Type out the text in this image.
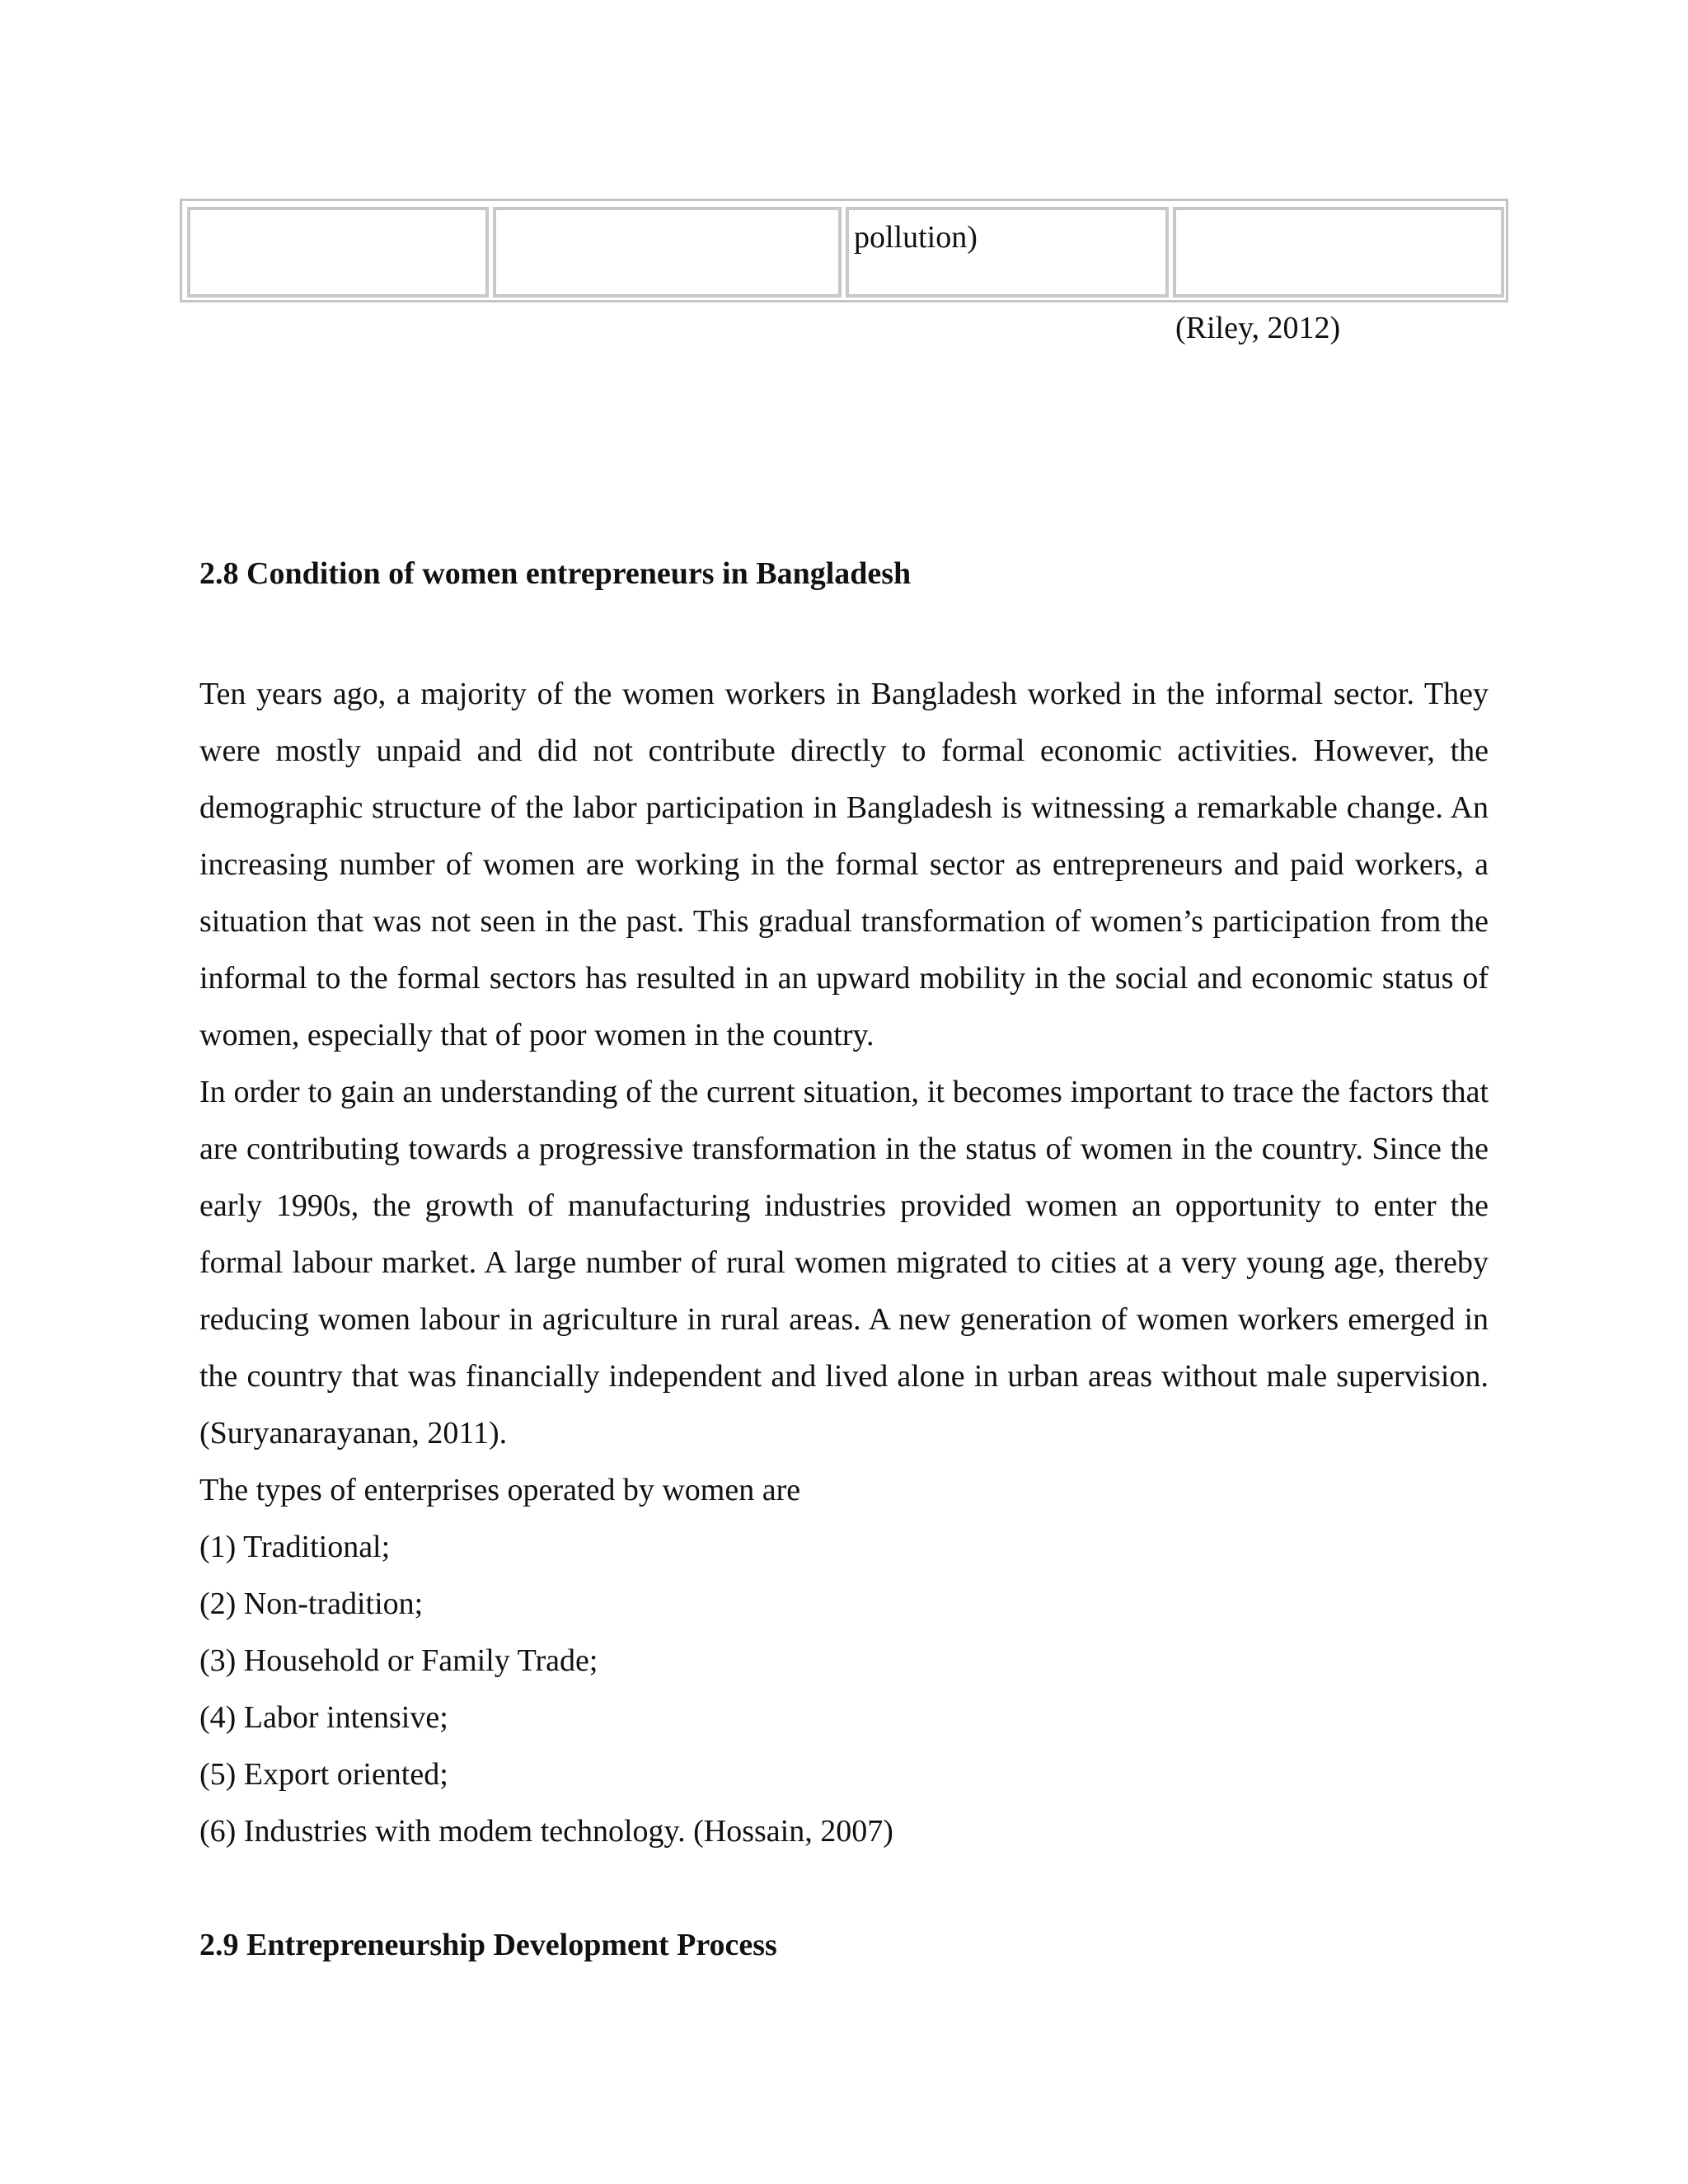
pollution)
(Riley, 2012)
2.8 Condition of women entrepreneurs in Bangladesh

Ten years ago, a majority of the women workers in Bangladesh worked in the informal sector. They were mostly unpaid and did not contribute directly to formal economic activities. However, the demographic structure of the labor participation in Bangladesh is witnessing a remarkable change. An increasing number of women are working in the formal sector as entrepreneurs and paid workers, a situation that was not seen in the past. This gradual transformation of women’s participation from the informal to the formal sectors has resulted in an upward mobility in the social and economic status of women, especially that of poor women in the country.

In order to gain an understanding of the current situation, it becomes important to trace the factors that are contributing towards a progressive transformation in the status of women in the country. Since the early 1990s, the growth of manufacturing industries provided women an opportunity to enter the formal labour market. A large number of rural women migrated to cities at a very young age, thereby reducing women labour in agriculture in rural areas. A new generation of women workers emerged in the country that was financially independent and lived alone in urban areas without male supervision. (Suryanarayanan, 2011).

The types of enterprises operated by women are

(1) Traditional;

(2) Non-tradition;

(3) Household or Family Trade;

(4) Labor intensive;

(5) Export oriented;

(6) Industries with modem technology. (Hossain, 2007)

2.9 Entrepreneurship Development Process
